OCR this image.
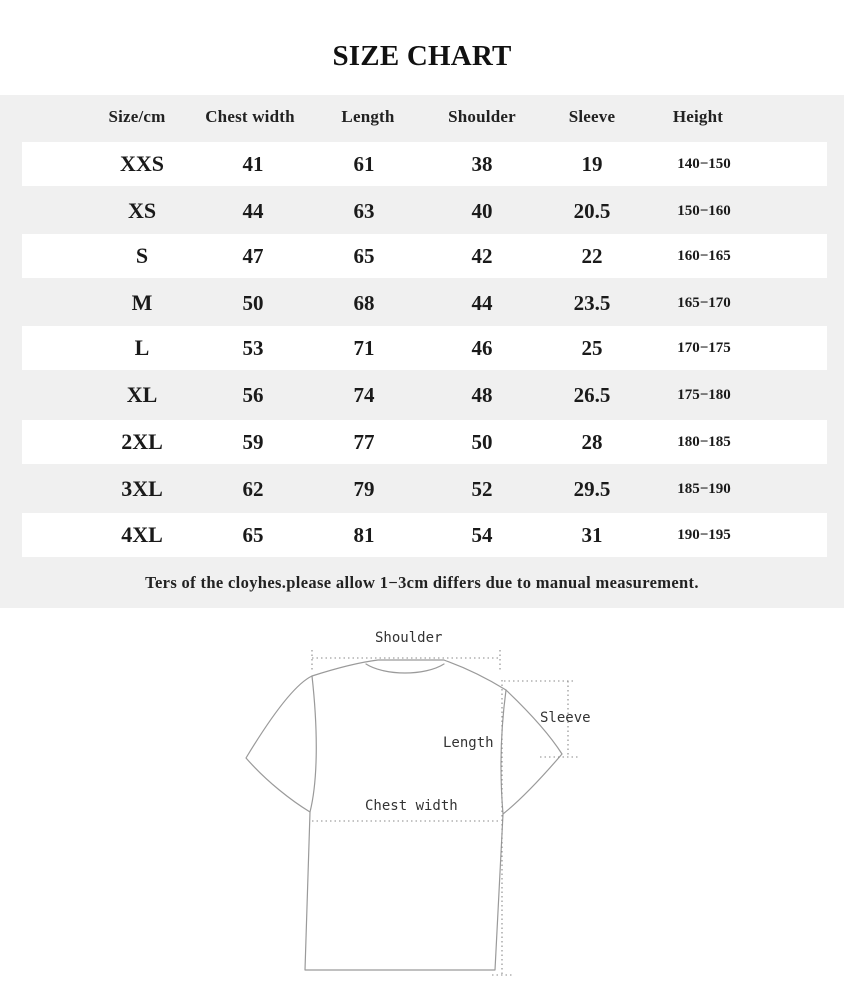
SIZE CHART
Size/cm	Chest width	Length	Shoulder	Sleeve	Height
XXS	41	61	38	19	140−150
XS	44	63	40	20.5	150−160
S	47	65	42	22	160−165
M	50	68	44	23.5	165−170
L	53	71	46	25	170−175
XL	56	74	48	26.5	175−180
2XL	59	77	50	28	180−185
3XL	62	79	52	29.5	185−190
4XL	65	81	54	31	190−195
Ters of the cloyhes.please allow 1−3cm differs due to manual measurement.
Shoulder
Sleeve
Length
Chest width
